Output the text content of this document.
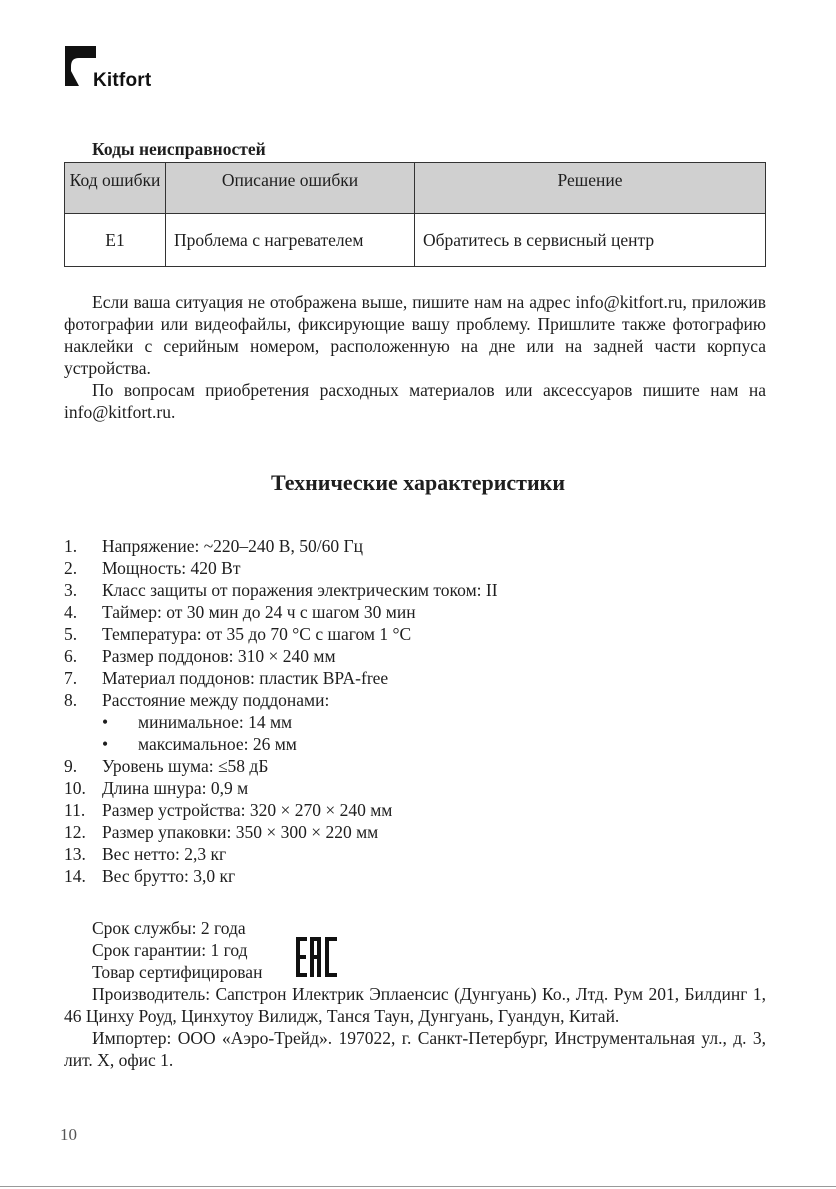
Kitfort
Коды неисправностей
Код ошибки	Описание ошибки	Решение
E1	Проблема с нагревателем	Обратитесь в сервисный центр

Если ваша ситуация не отображена выше, пишите нам на адрес info@kitfort.ru, приложив фотографии или видеофайлы, фиксирующие вашу проблему. Пришлите также фотографию наклейки с серийным номером, расположенную на дне или на задней части корпуса устройства.

По вопросам приобретения расходных материалов или аксессуаров пишите нам на info@kitfort.ru.

Технические характеристики
1. Напряжение: ~220–240 В, 50/60 Гц
2. Мощность: 420 Вт
3. Класс защиты от поражения электрическим током: II
4. Таймер: от 30 мин до 24 ч с шагом 30 мин
5. Температура: от 35 до 70 °C с шагом 1 °C
6. Размер поддонов: 310 × 240 мм
7. Материал поддонов: пластик BPA-free
8. Расстояние между поддонами:
• минимальное: 14 мм
• максимальное: 26 мм
9. Уровень шума: ≤58 дБ
10. Длина шнура: 0,9 м
11. Размер устройства: 320 × 270 × 240 мм
12. Размер упаковки: 350 × 300 × 220 мм
13. Вес нетто: 2,3 кг
14. Вес брутто: 3,0 кг
Срок службы: 2 года
Срок гарантии: 1 год
Товар сертифицирован

Производитель: Сапстрон Илектрик Эплаенсис (Дунгуань) Ко., Лтд. Рум 201, Билдинг 1, 46 Цинху Роуд, Цинхутоу Вилидж, Танся Таун, Дунгуань, Гуандун, Китай.

Импортер: ООО «Аэро-Трейд». 197022, г. Санкт-Петербург, Инструментальная ул., д. 3, лит. Х, офис 1.

10
